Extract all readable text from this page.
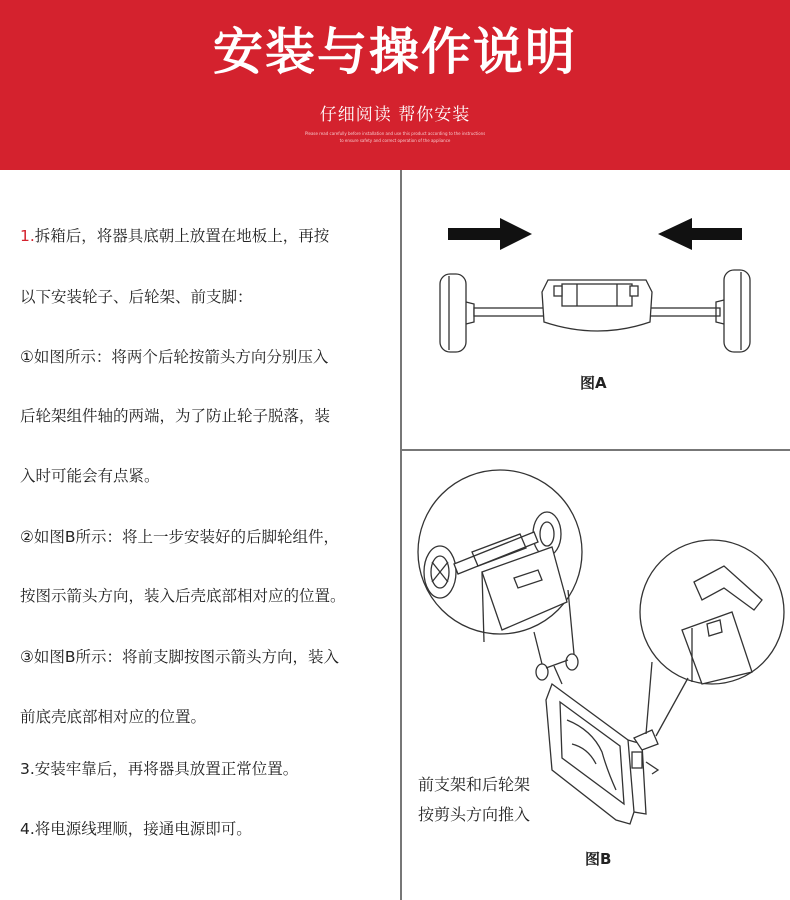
安装与操作说明
仔细阅读 帮你安装
Please read carefully before installation and use this product according to the instructions
to ensure safety and correct operation of the appliance
1.拆箱后，将器具底朝上放置在地板上，再按
以下安装轮子、后轮架、前支脚：
①如图所示：将两个后轮按箭头方向分别压入
后轮架组件轴的两端，为了防止轮子脱落，装
入时可能会有点紧。
②如图B所示：将上一步安装好的后脚轮组件，
按图示箭头方向，装入后壳底部相对应的位置。
③如图B所示：将前支脚按图示箭头方向，装入
前底壳底部相对应的位置。
3.安装牢靠后，再将器具放置正常位置。
4.将电源线理顺，接通电源即可。
图A
前支架和后轮架
按剪头方向推入
图B
